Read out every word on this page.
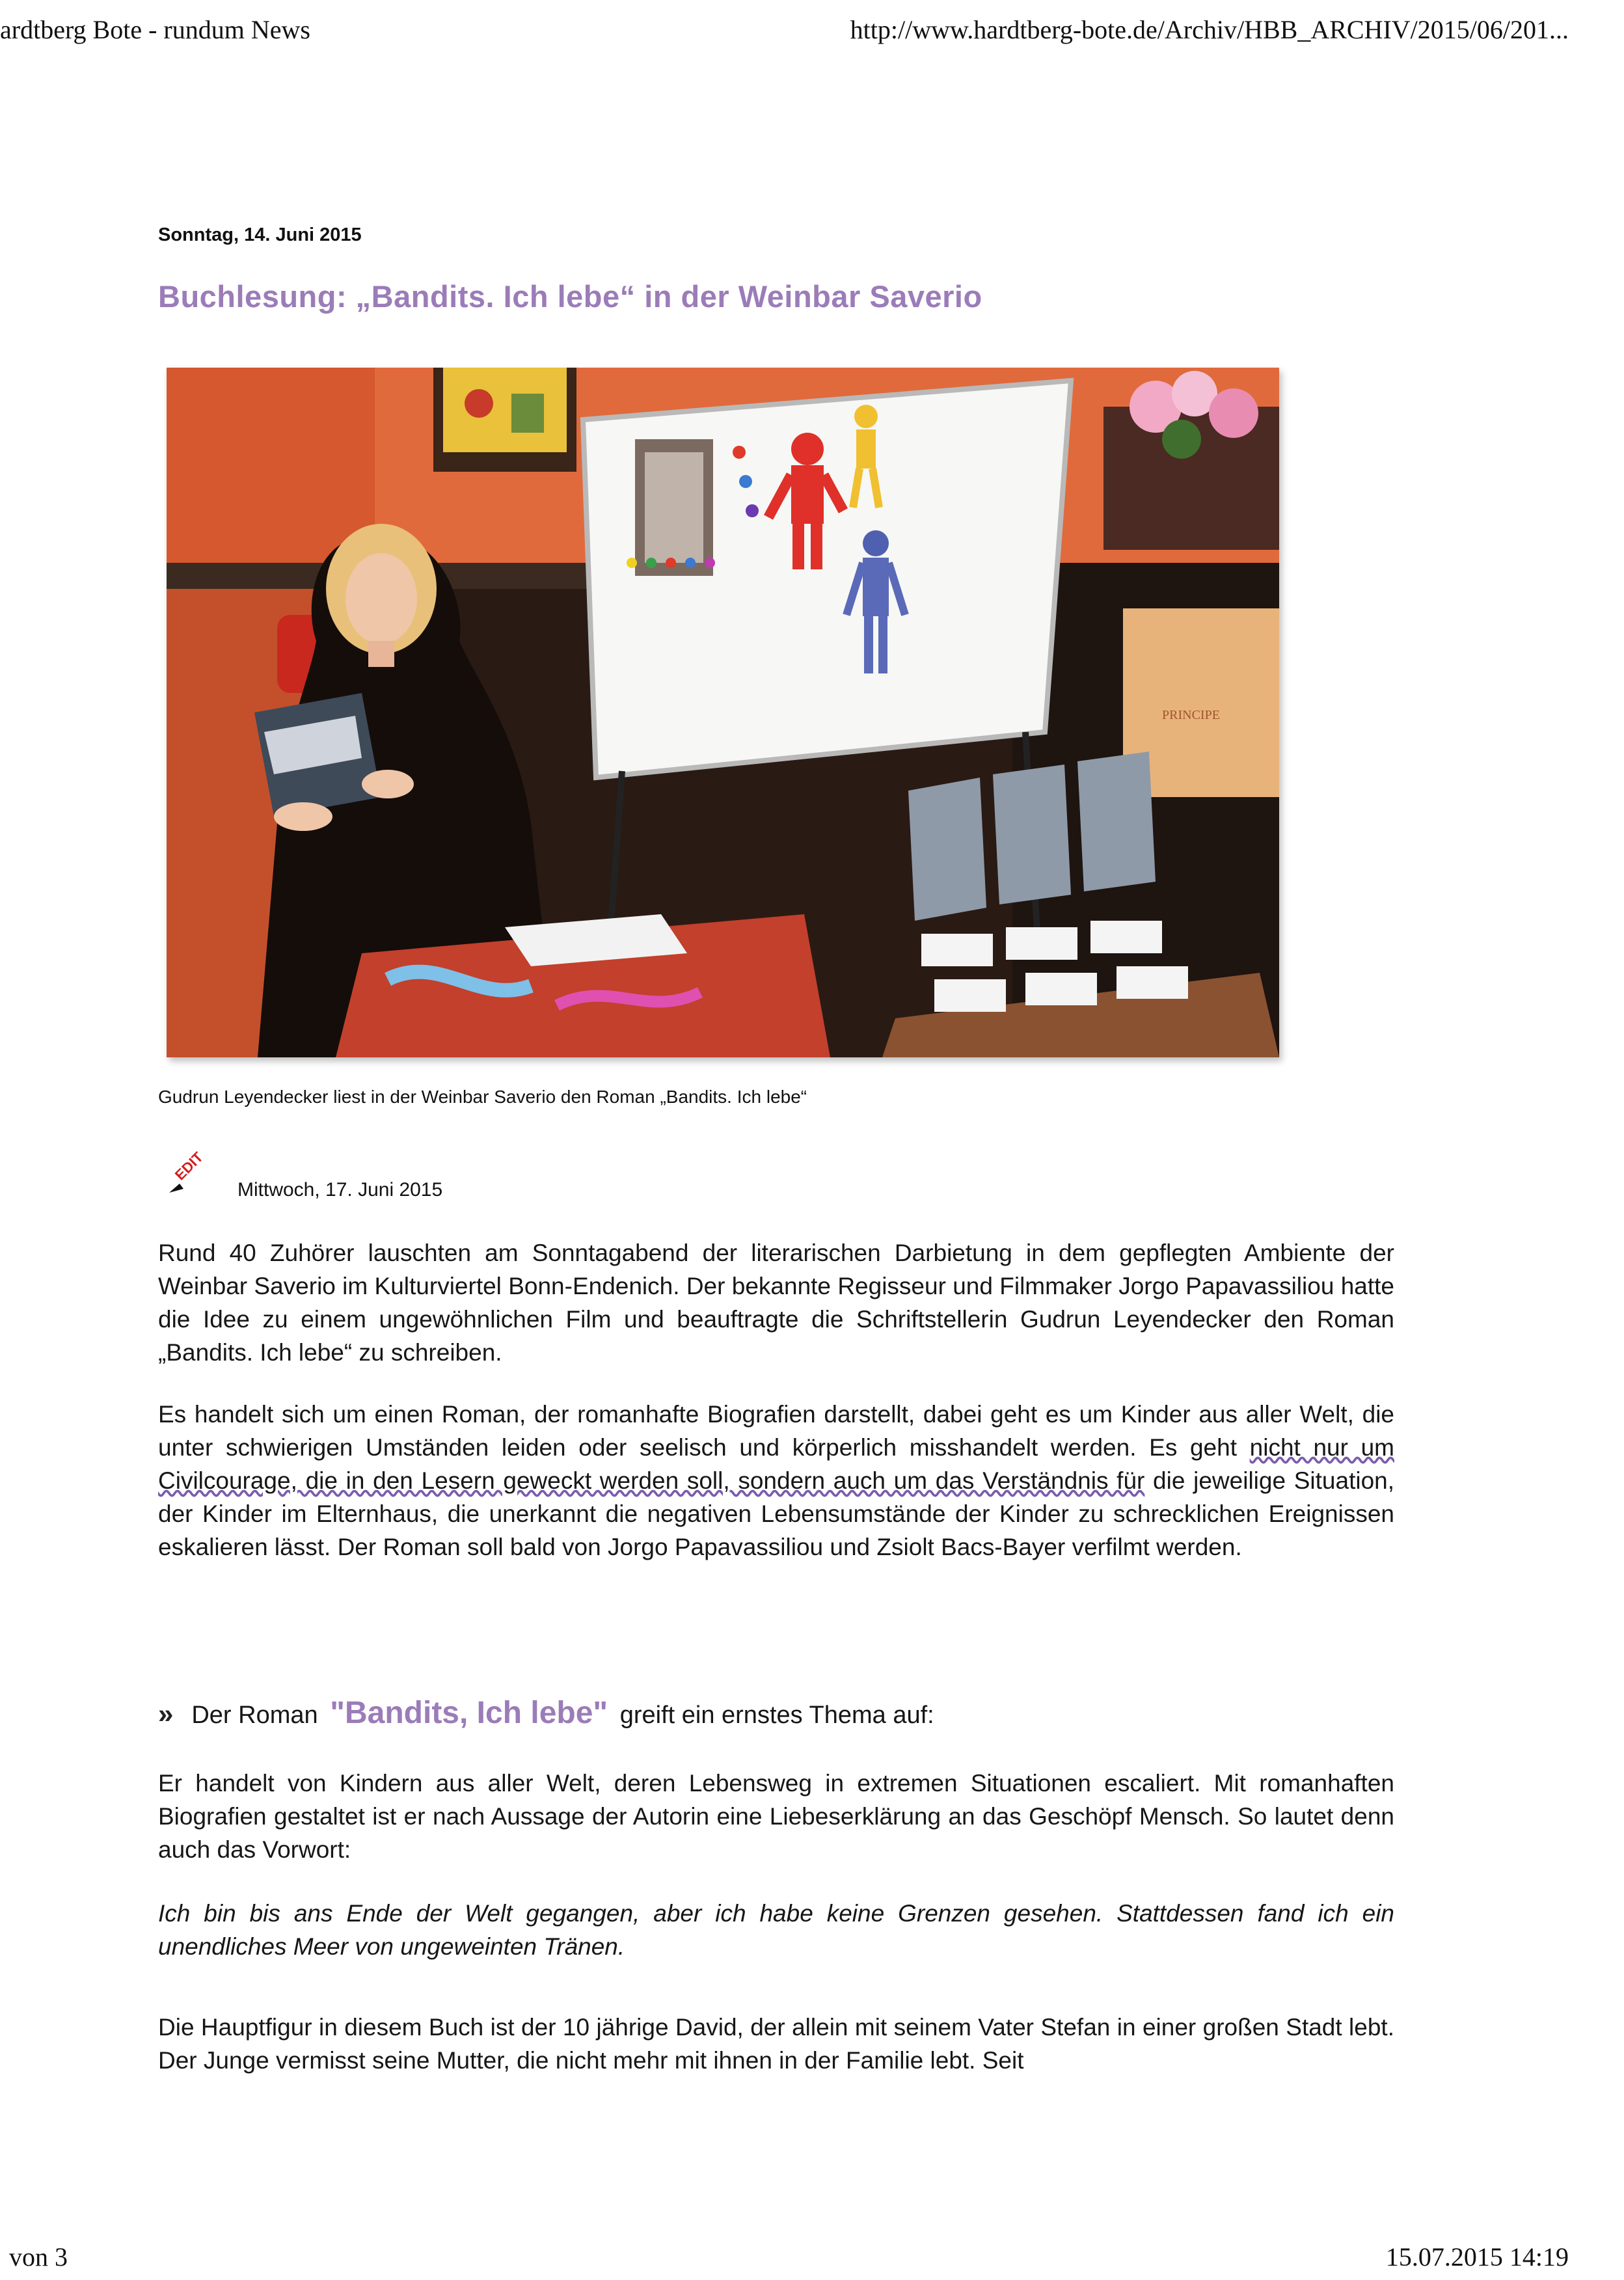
ardtberg Bote - rundum News	http://www.hardtberg-bote.de/Archiv/HBB_ARCHIV/2015/06/201...
Sonntag, 14. Juni 2015
Buchlesung: „Bandits. Ich lebe“ in der Weinbar Saverio
PRINCIPE
Gudrun Leyendecker liest in der Weinbar Saverio den Roman „Bandits. Ich lebe“
EDIT
Mittwoch, 17. Juni 2015
Rund 40 Zuhörer lauschten am Sonntagabend der literarischen Darbietung in dem gepflegten Ambiente der Weinbar Saverio im Kulturviertel Bonn-Endenich. Der bekannte Regisseur und Filmmaker Jorgo Papavassiliou hatte die Idee zu einem ungewöhnlichen Film und beauftragte die Schriftstellerin Gudrun Leyendecker den Roman „Bandits. Ich lebe“ zu schreiben.
Es handelt sich um einen Roman, der romanhafte Biografien darstellt, dabei geht es um Kinder aus aller Welt, die unter schwierigen Umständen leiden oder seelisch und körperlich misshandelt werden. Es geht nicht nur um Civilcourage, die in den Lesern geweckt werden soll, sondern auch um das Verständnis für die jeweilige Situation, der Kinder im Elternhaus, die unerkannt die negativen Lebensumstände der Kinder zu schrecklichen Ereignissen eskalieren lässt. Der Roman soll bald von Jorgo Papavassiliou und Zsiolt Bacs-Bayer verfilmt werden.
» Der Roman "Bandits, Ich lebe" greift ein ernstes Thema auf:
Er handelt von Kindern aus aller Welt, deren Lebensweg in extremen Situationen escaliert. Mit romanhaften Biografien gestaltet ist er nach Aussage der Autorin eine Liebeserklärung an das Geschöpf Mensch. So lautet denn auch das Vorwort:
Ich bin bis ans Ende der Welt gegangen, aber ich habe keine Grenzen gesehen. Stattdessen fand ich ein unendliches Meer von ungeweinten Tränen.
Die Hauptfigur in diesem Buch ist der 10 jährige David, der allein mit seinem Vater Stefan in einer großen Stadt lebt. Der Junge vermisst seine Mutter, die nicht mehr mit ihnen in der Familie lebt. Seit
von 3	15.07.2015 14:19
